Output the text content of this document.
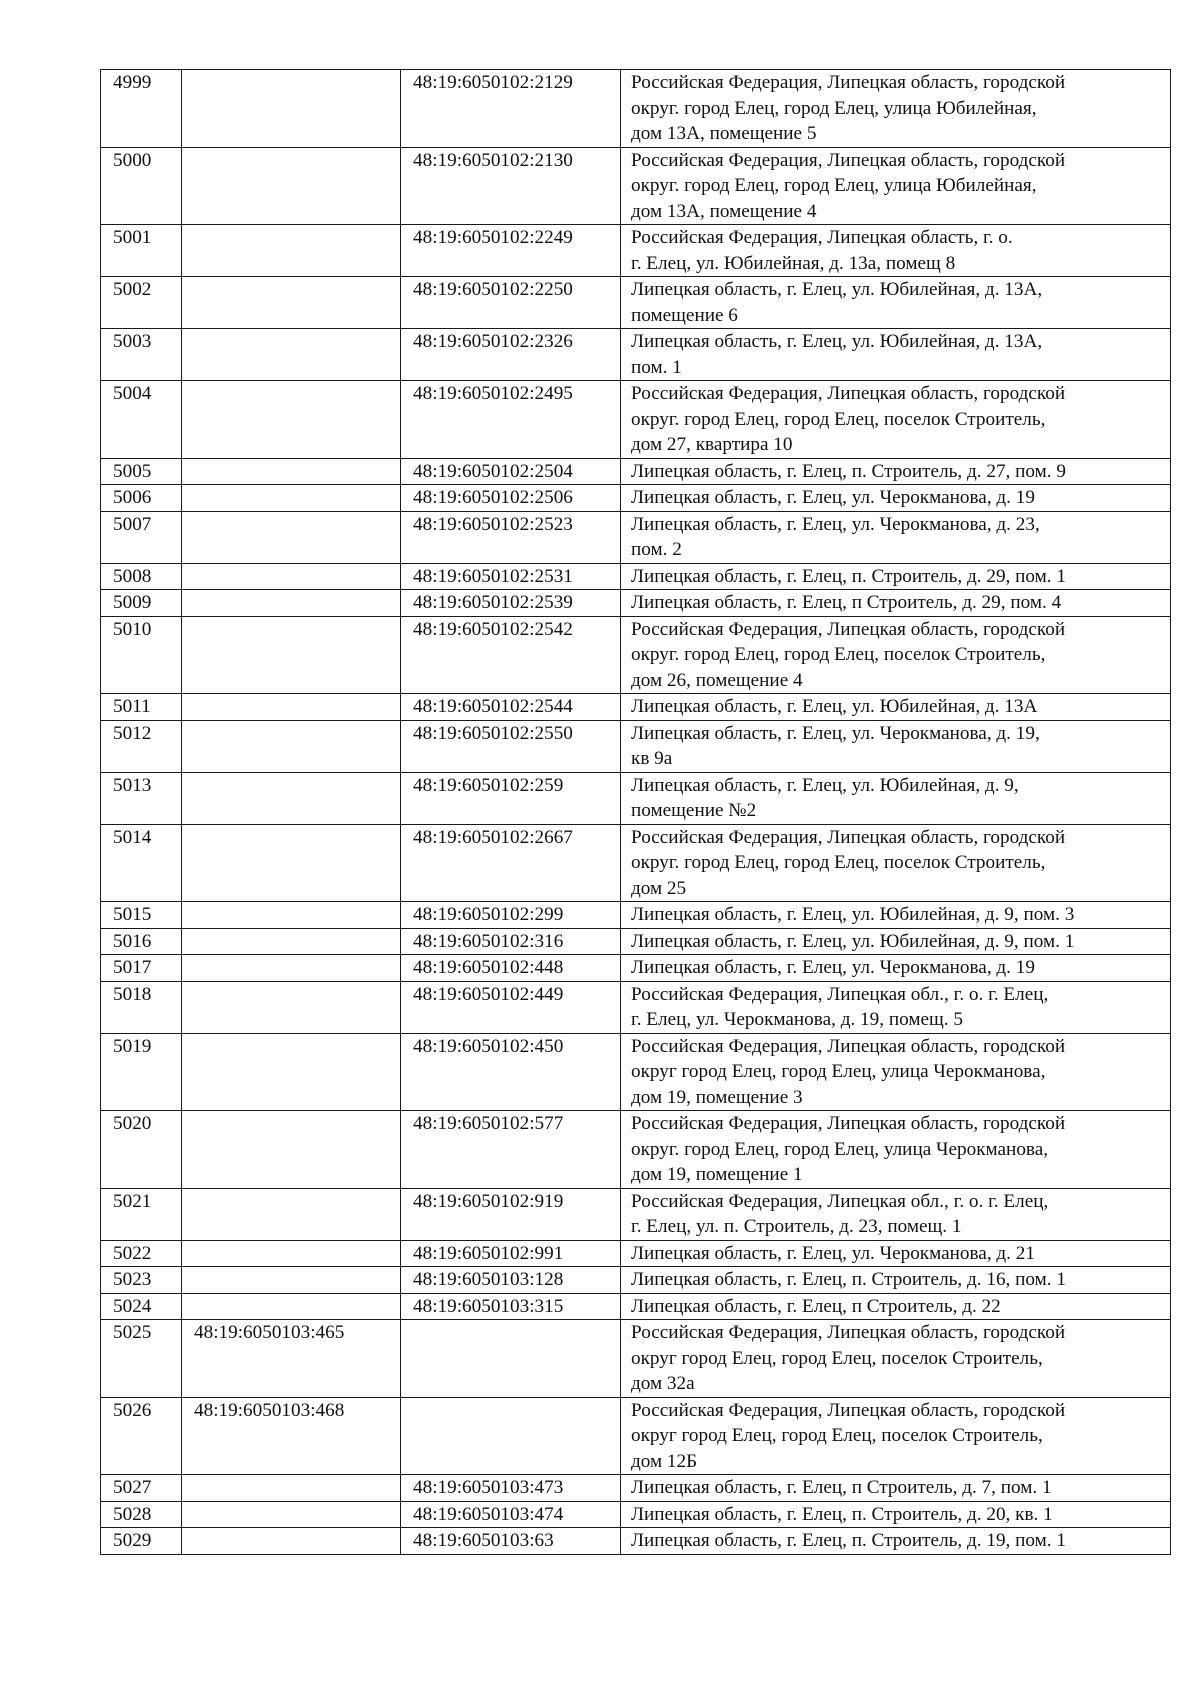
4999		48:19:6050102:2129	Российская Федерация, Липецкая область, городской
округ. город Елец, город Елец, улица Юбилейная,
дом 13А, помещение 5

5000		48:19:6050102:2130	Российская Федерация, Липецкая область, городской
округ. город Елец, город Елец, улица Юбилейная,
дом 13А, помещение 4

5001		48:19:6050102:2249	Российская Федерация, Липецкая область, г. о.
г. Елец, ул. Юбилейная, д. 13а, помещ 8

5002		48:19:6050102:2250	Липецкая область, г. Елец, ул. Юбилейная, д. 13А,
помещение 6

5003		48:19:6050102:2326	Липецкая область, г. Елец, ул. Юбилейная, д. 13А,
пом. 1

5004		48:19:6050102:2495	Российская Федерация, Липецкая область, городской
округ. город Елец, город Елец, поселок Строитель,
дом 27, квартира 10

5005		48:19:6050102:2504	Липецкая область, г. Елец, п. Строитель, д. 27, пом. 9

5006		48:19:6050102:2506	Липецкая область, г. Елец, ул. Черокманова, д. 19

5007		48:19:6050102:2523	Липецкая область, г. Елец, ул. Черокманова, д. 23,
пом. 2

5008		48:19:6050102:2531	Липецкая область, г. Елец, п. Строитель, д. 29, пом. 1

5009		48:19:6050102:2539	Липецкая область, г. Елец, п Строитель, д. 29, пом. 4

5010		48:19:6050102:2542	Российская Федерация, Липецкая область, городской
округ. город Елец, город Елец, поселок Строитель,
дом 26, помещение 4

5011		48:19:6050102:2544	Липецкая область, г. Елец, ул. Юбилейная, д. 13А

5012		48:19:6050102:2550	Липецкая область, г. Елец, ул. Черокманова, д. 19,
кв 9а

5013		48:19:6050102:259	Липецкая область, г. Елец, ул. Юбилейная, д. 9,
помещение №2

5014		48:19:6050102:2667	Российская Федерация, Липецкая область, городской
округ. город Елец, город Елец, поселок Строитель,
дом 25

5015		48:19:6050102:299	Липецкая область, г. Елец, ул. Юбилейная, д. 9, пом. 3

5016		48:19:6050102:316	Липецкая область, г. Елец, ул. Юбилейная, д. 9, пом. 1

5017		48:19:6050102:448	Липецкая область, г. Елец, ул. Черокманова, д. 19

5018		48:19:6050102:449	Российская Федерация, Липецкая обл., г. о. г. Елец,
г. Елец, ул. Черокманова, д. 19, помещ. 5

5019		48:19:6050102:450	Российская Федерация, Липецкая область, городской
округ город Елец, город Елец, улица Черокманова,
дом 19, помещение 3

5020		48:19:6050102:577	Российская Федерация, Липецкая область, городской
округ. город Елец, город Елец, улица Черокманова,
дом 19, помещение 1

5021		48:19:6050102:919	Российская Федерация, Липецкая обл., г. о. г. Елец,
г. Елец, ул. п. Строитель, д. 23, помещ. 1

5022		48:19:6050102:991	Липецкая область, г. Елец, ул. Черокманова, д. 21

5023		48:19:6050103:128	Липецкая область, г. Елец, п. Строитель, д. 16, пом. 1

5024		48:19:6050103:315	Липецкая область, г. Елец, п Строитель, д. 22

5025	48:19:6050103:465		Российская Федерация, Липецкая область, городской
округ город Елец, город Елец, поселок Строитель,
дом 32а

5026	48:19:6050103:468		Российская Федерация, Липецкая область, городской
округ город Елец, город Елец, поселок Строитель,
дом 12Б

5027		48:19:6050103:473	Липецкая область, г. Елец, п Строитель, д. 7, пом. 1

5028		48:19:6050103:474	Липецкая область, г. Елец, п. Строитель, д. 20, кв. 1

5029		48:19:6050103:63	Липецкая область, г. Елец, п. Строитель, д. 19, пом. 1
